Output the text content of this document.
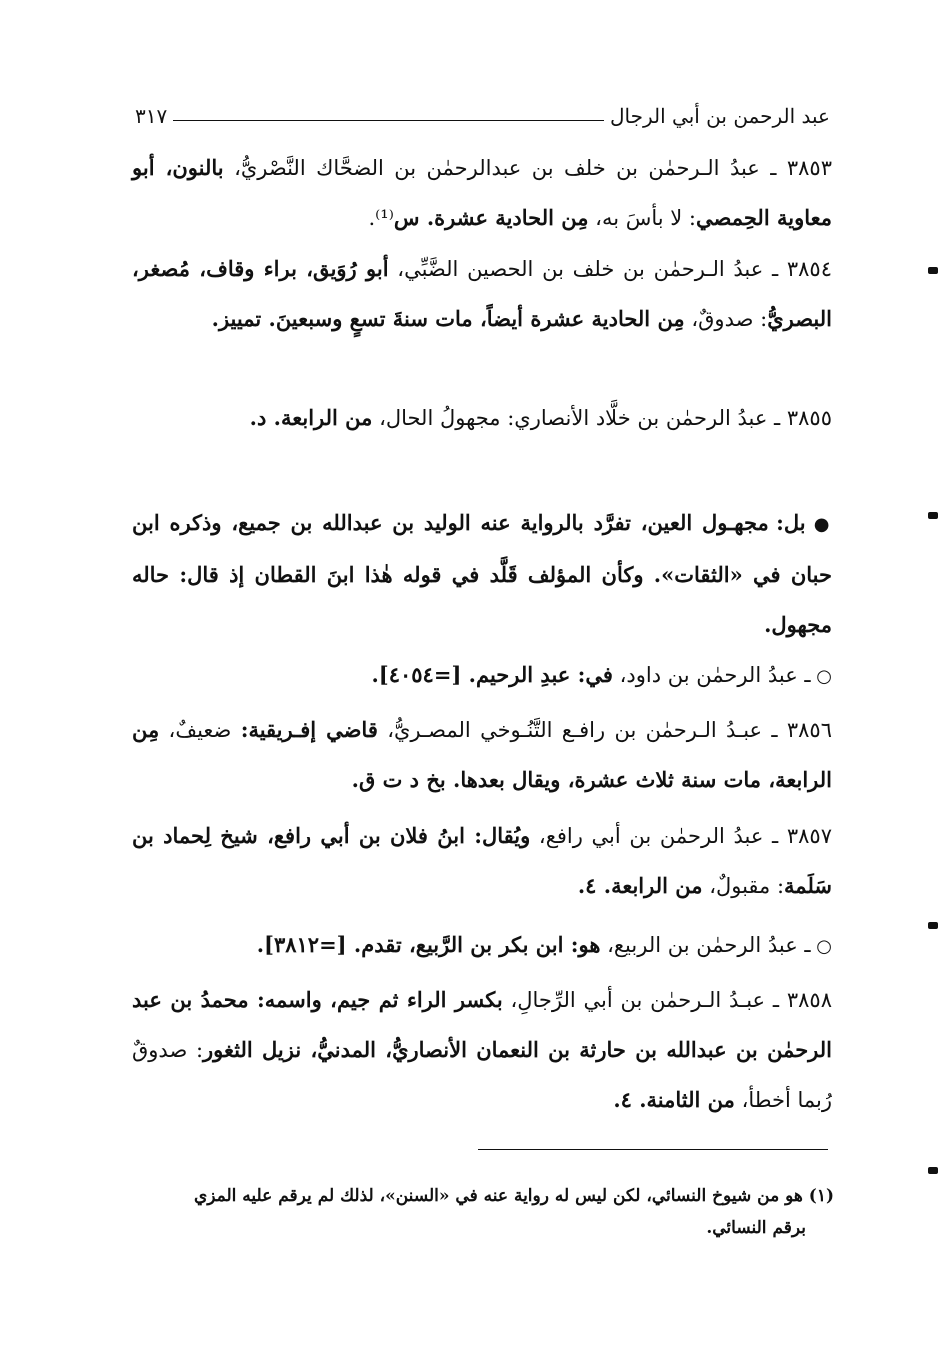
عبد الرحمن بن أبي الرجال
٣١٧
٣٨٥٣ ـ عبدُ الـرحمٰن بن خلف بن عبدالرحمٰن بن الضحَّاك النَّصْريُّ، بالنون، أبو معاوية الحِمصي: لا بأسَ به، مِن الحادية عشرة. س⁽¹⁾.
٣٨٥٤ ـ عبدُ الـرحمٰن بن خلف بن الحصين الضَّبِّي، أبو رُوَيق، براء وقاف، مُصغر، البصريُّ: صدوقٌ، مِن الحادية عشرة أيضاً، مات سنةَ تسعٍ وسبعينَ. تمييز.
٣٨٥٥ ـ عبدُ الرحمٰن بن خلَّاد الأنصاري: مجهولُ الحال، من الرابعة. د.
● بل: مجهـول العين، تفرَّد بالرواية عنه الوليد بن عبدالله بن جميع، وذكره ابن حبان في «الثقات». وكأن المؤلف قَلَّد في قوله هٰذا ابنَ القطان إذ قال: حاله مجهول.
○ ـ عبدُ الرحمٰن بن داود، في: عبدِ الرحيم. [=٤٠٥٤].
٣٨٥٦ ـ عبـدُ الـرحمٰن بن رافـع التَّنُـوخي المصـريُّ، قاضي إفـريقية: ضعيفٌ، مِن الرابعة، مات سنة ثلاث عشرة، ويقال بعدها. بخ د ت ق.
٣٨٥٧ ـ عبدُ الرحمٰن بن أبي رافع، ويُقال: ابنُ فلان بن أبي رافع، شيخ لِحماد بن سَلَمة: مقبولٌ، من الرابعة. ٤.
○ ـ عبدُ الرحمٰن بن الربيع، هو: ابن بكر بن الرَّبيع، تقدم. [=٣٨١٢].
٣٨٥٨ ـ عبـدُ الـرحمٰن بن أبي الرِّجالِ، بكسر الراء ثم جيم، واسمه: محمدُ بن عبد الرحمٰن بن عبدالله بن حارثة بن النعمان الأنصاريُّ، المدنيُّ، نزيل الثغور: صدوقٌ رُبما أخطأ، من الثامنة. ٤.
(١) هو من شيوخ النسائي، لكن ليس له رواية عنه في «السنن»، لذلك لم يرقم عليه المزي
برقم النسائي.
